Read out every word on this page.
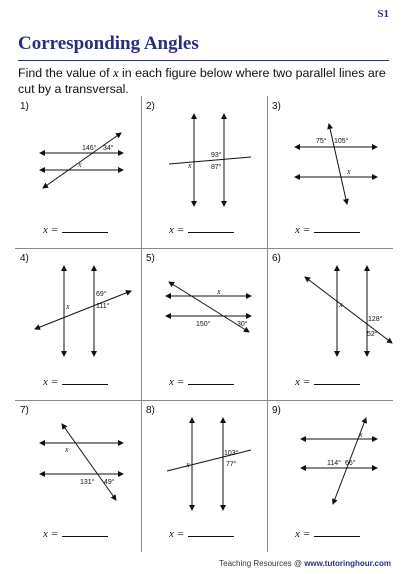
S1
Corresponding Angles
Find the value of x in each figure below where two parallel lines are cut by a transversal.
1)
146° 34°
x
x =
2)
93°
87°
x
x =
3)
75° 105°
x
x =
4)
69°
111°
x
x =
5)
150°	30°
x
x =
6)
128°
52°
x
x =
7)
131° 49°
x
x =
8)
103°
77°
x
x =
9)
114° 66°
x
x =
Teaching Resources @ www.tutoringhour.com
